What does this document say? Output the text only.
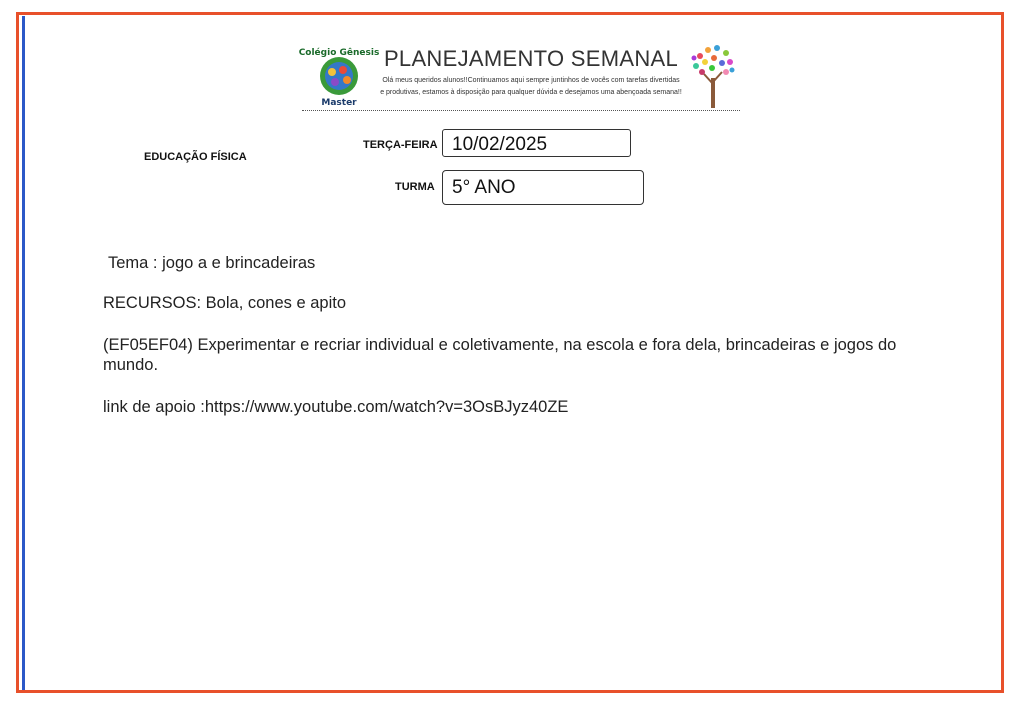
Colégio Gênesis
Master
PLANEJAMENTO SEMANAL
Olá meus queridos alunos!!Continuamos aqui sempre juntinhos de vocês com tarefas divertidas e produtivas, estamos à disposição para qualquer dúvida e desejamos uma abençoada semana!!
EDUCAÇÃO FÍSICA
TERÇA-FEIRA 10/02/2025
TURMA 5° ANO
Tema : jogo a e brincadeiras
RECURSOS: Bola, cones e apito
(EF05EF04) Experimentar e recriar individual e coletivamente, na escola e fora dela, brincadeiras e jogos do mundo.
link de apoio :https://www.youtube.com/watch?v=3OsBJyz40ZE
